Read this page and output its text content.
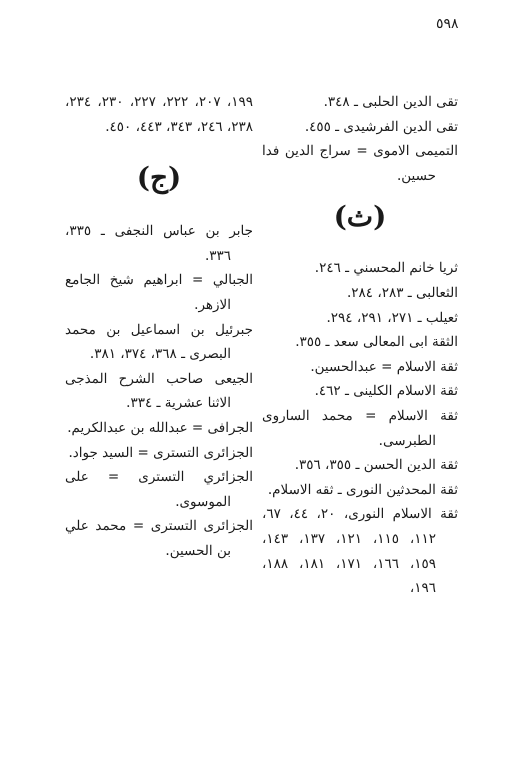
٥٩٨

تقى الدين الحلبى ـ ٣٤٨.

تقى الدين الفرشيدى ـ ٤٥٥.

التميمى الاموى = سراج الدين فدا حسين.

(ث)

ثريا خانم المحسني ـ ٢٤٦.

الثعالبى ـ ٢٨٣، ٢٨٤.

ثعيلب ـ ٢٧١، ٢٩١، ٢٩٤.

الثقة ابى المعالى سعد ـ ٣٥٥.

ثقة الاسلام = عبدالحسين.

ثقة الاسلام الكلينى ـ ٤٦٢.

ثقة الاسلام = محمد الساروى الطبرسى.

ثقة الدين الحسن ـ ٣٥٥، ٣٥٦.

ثقة المحدثين النورى ـ ثقه الاسلام.

ثقة الاسلام النورى، ٢٠، ٤٤، ٦٧، ١١٢، ١١٥، ١٢١، ١٣٧، ١٤٣، ١٥٩، ١٦٦، ١٧١، ١٨١، ١٨٨، ١٩٦،

١٩٩، ٢٠٧، ٢٢٢، ٢٢٧، ٢٣٠، ٢٣٤، ٢٣٨، ٢٤٦، ٣٤٣، ٤٤٣، ٤٥٠.

(ج)

جابر بن عباس النجفى ـ ٣٣٥، ٣٣٦.

الجبالي = ابراهيم شيخ الجامع الازهر.

جبرئيل بن اسماعيل بن محمد البصرى ـ ٣٦٨، ٣٧٤، ٣٨١.

الجيعى صاحب الشرح المذجى الاثنا عشرية ـ ٣٣٤.

الجرافى = عبدالله بن عبدالكريم.

الجزائرى التسترى = السيد جواد.

الجزائري التسترى = على الموسوى.

الجزائرى التسترى = محمد علي بن الحسين.
